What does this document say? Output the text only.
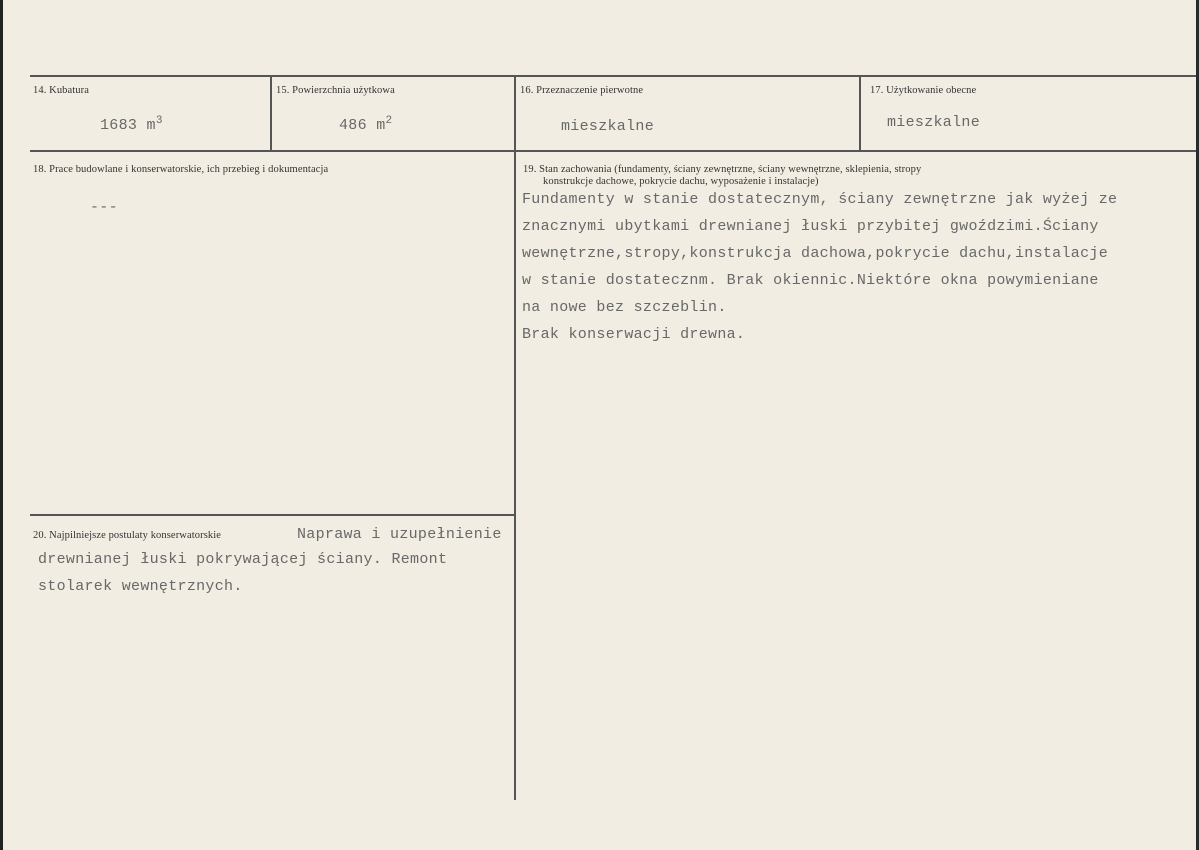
14. Kubatura
1683 $m^3$
15. Powierzchnia użytkowa
486 $m^2$
16. Przeznaczenie pierwotne
mieszkalne
17. Użytkowanie obecne
mieszkalne
18. Prace budowlane i konserwatorskie, ich przebieg i dokumentacja
---
19. Stan zachowania (fundamenty, ściany zewnętrzne, ściany wewnętrzne, sklepienia, stropy
konstrukcje dachowe, pokrycie dachu, wyposażenie i instalacje)
Fundamenty w stanie dostatecznym, ściany zewnętrzne jak wyżej ze
znacznymi ubytkami drewnianej łuski przybitej gwoździmi.Ściany
wewnętrzne,stropy,konstrukcja dachowa,pokrycie dachu,instalacje
w stanie dostatecznm. Brak okiennic.Niektóre okna powymieniane
na nowe bez szczeblin.
Brak konserwacji drewna.
20. Najpilniejsze postulaty konserwatorskie	Naprawa i uzupełnienie
drewnianej łuski pokrywającej ściany. Remont
stolarek wewnętrznych.
